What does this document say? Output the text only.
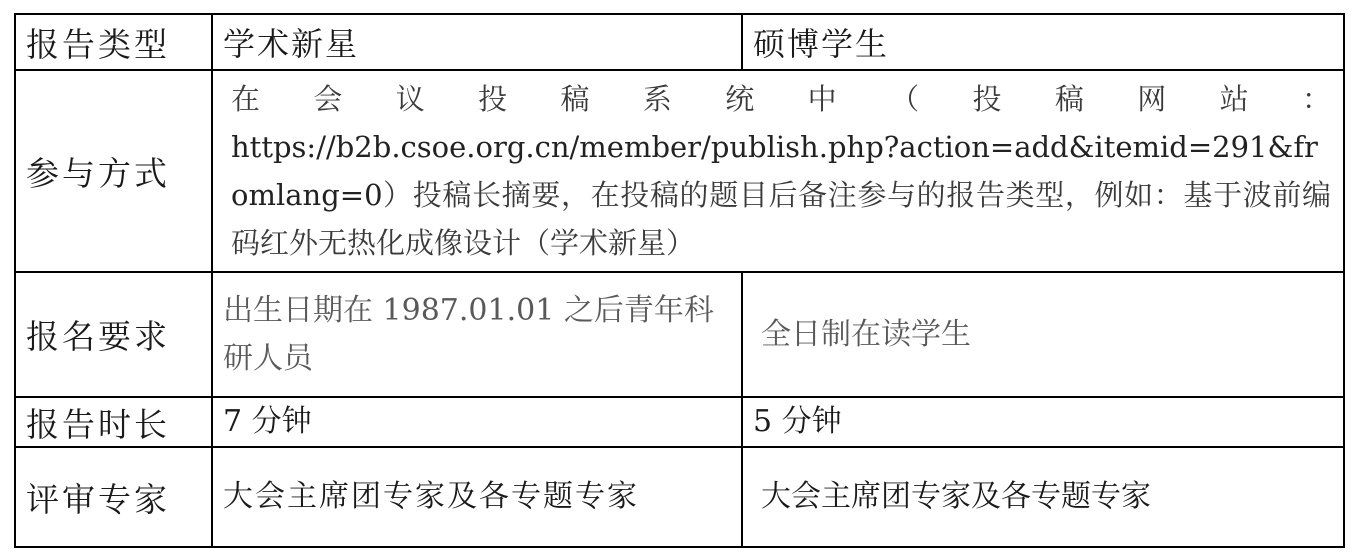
报告类型	学术新星	硕博学生
参与方式	在会议投稿系统中（投稿网站：
https://b2b.csoe.org.cn/member/publish.php?action=add&itemid=291&fromlang=0）投稿长摘要，在投稿的题目后备注参与的报告类型，例如：基于波前编码红外无热化成像设计（学术新星）	

报名要求	出生日期在 1987.01.01 之后青年科研人员	全日制在读学生
报告时长	7 分钟	5 分钟
评审专家	大会主席团专家及各专题专家	大会主席团专家及各专题专家
